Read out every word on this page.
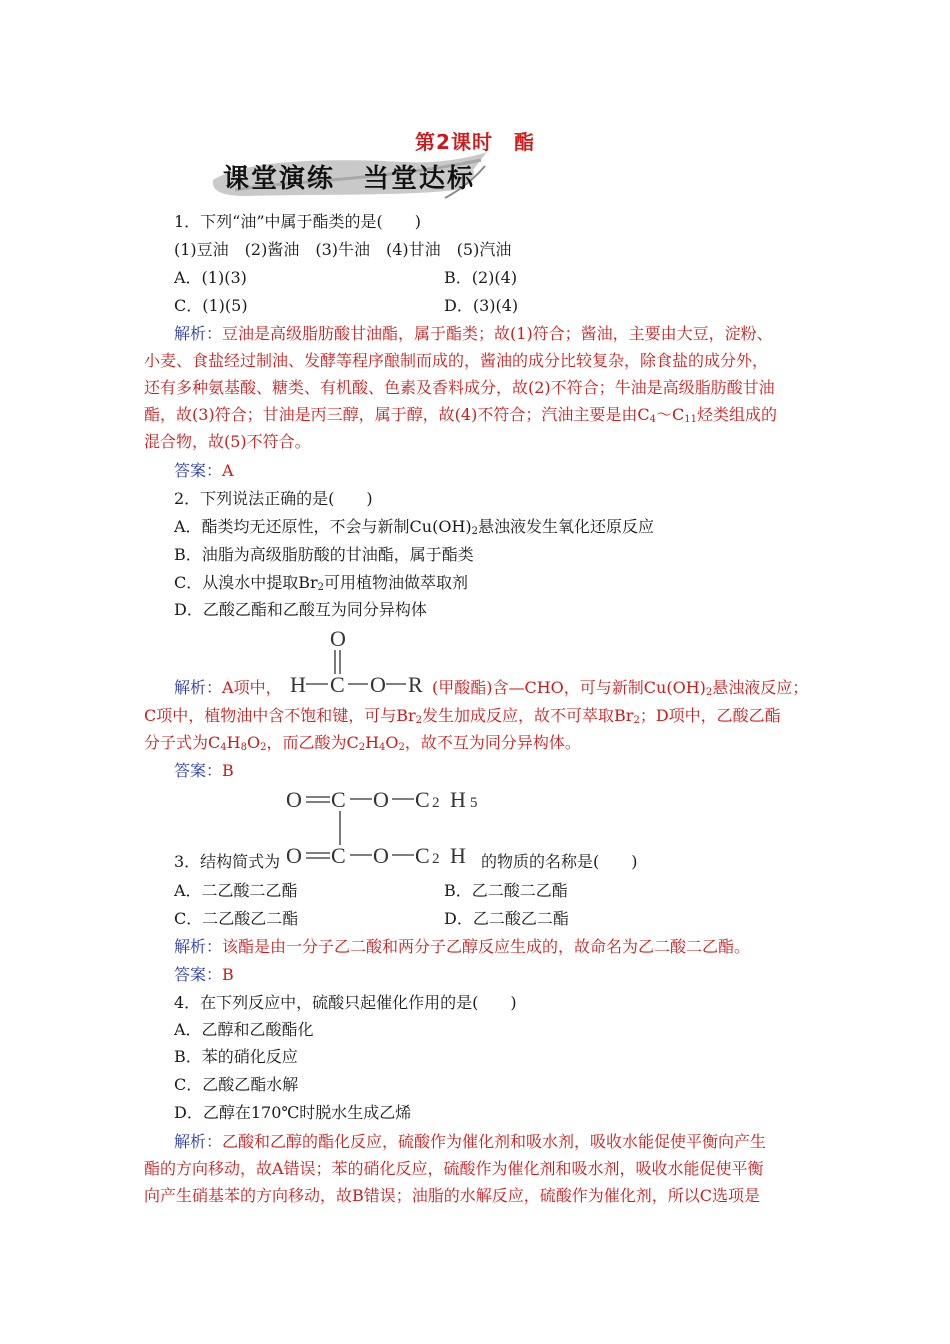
第2课时　酯
课堂演练　当堂达标
1．下列“油”中属于酯类的是(　　)
(1)豆油　(2)酱油　(3)牛油　(4)甘油　(5)汽油
A．(1)(3)	B．(2)(4)
C．(1)(5)	D．(3)(4)
解析：豆油是高级脂肪酸甘油酯，属于酯类；故(1)符合；酱油，主要由大豆，淀粉、
小麦、食盐经过制油、发酵等程序酿制而成的，酱油的成分比较复杂，除食盐的成分外，
还有多种氨基酸、糖类、有机酸、色素及香料成分，故(2)不符合；牛油是高级脂肪酸甘油
酯，故(3)符合；甘油是丙三醇，属于醇，故(4)不符合；汽油主要是由$C_4\sim C_{11}$烃类组成的
混合物，故(5)不符合。
答案：A
2．下列说法正确的是(　　)
A．酯类均无还原性，不会与新制$Cu(OH)_2$悬浊液发生氧化还原反应
B．油脂为高级脂肪酸的甘油酯，属于酯类
C．从溴水中提取$Br_2$可用植物油做萃取剂
D．乙酸乙酯和乙酸互为同分异构体
解析：A项中，
O
H C O R (甲酸酯)含—CHO，可与新制$Cu(OH)_2$悬浊液反应；
C项中，植物油中含不饱和键，可与$Br_2$发生加成反应，故不可萃取$Br_2$；D项中，乙酸乙酯
分子式为$C_4H_8O_2$，而乙酸为$C_2H_4O_2$，故不互为同分异构体。
答案：B
O C O C 2 H 5
O C O C 2 H
3．结构简式为	的物质的名称是(　　)
A．二乙酸二乙酯	B．乙二酸二乙酯
C．二乙酸乙二酯	D．乙二酸乙二酯
解析：该酯是由一分子乙二酸和两分子乙醇反应生成的，故命名为乙二酸二乙酯。
答案：B
4．在下列反应中，硫酸只起催化作用的是(　　)
A．乙醇和乙酸酯化
B．苯的硝化反应
C．乙酸乙酯水解
D．乙醇在170℃时脱水生成乙烯
解析：乙酸和乙醇的酯化反应，硫酸作为催化剂和吸水剂，吸收水能促使平衡向产生
酯的方向移动，故A错误；苯的硝化反应，硫酸作为催化剂和吸水剂，吸收水能促使平衡
向产生硝基苯的方向移动，故B错误；油脂的水解反应，硫酸作为催化剂，所以C选项是
